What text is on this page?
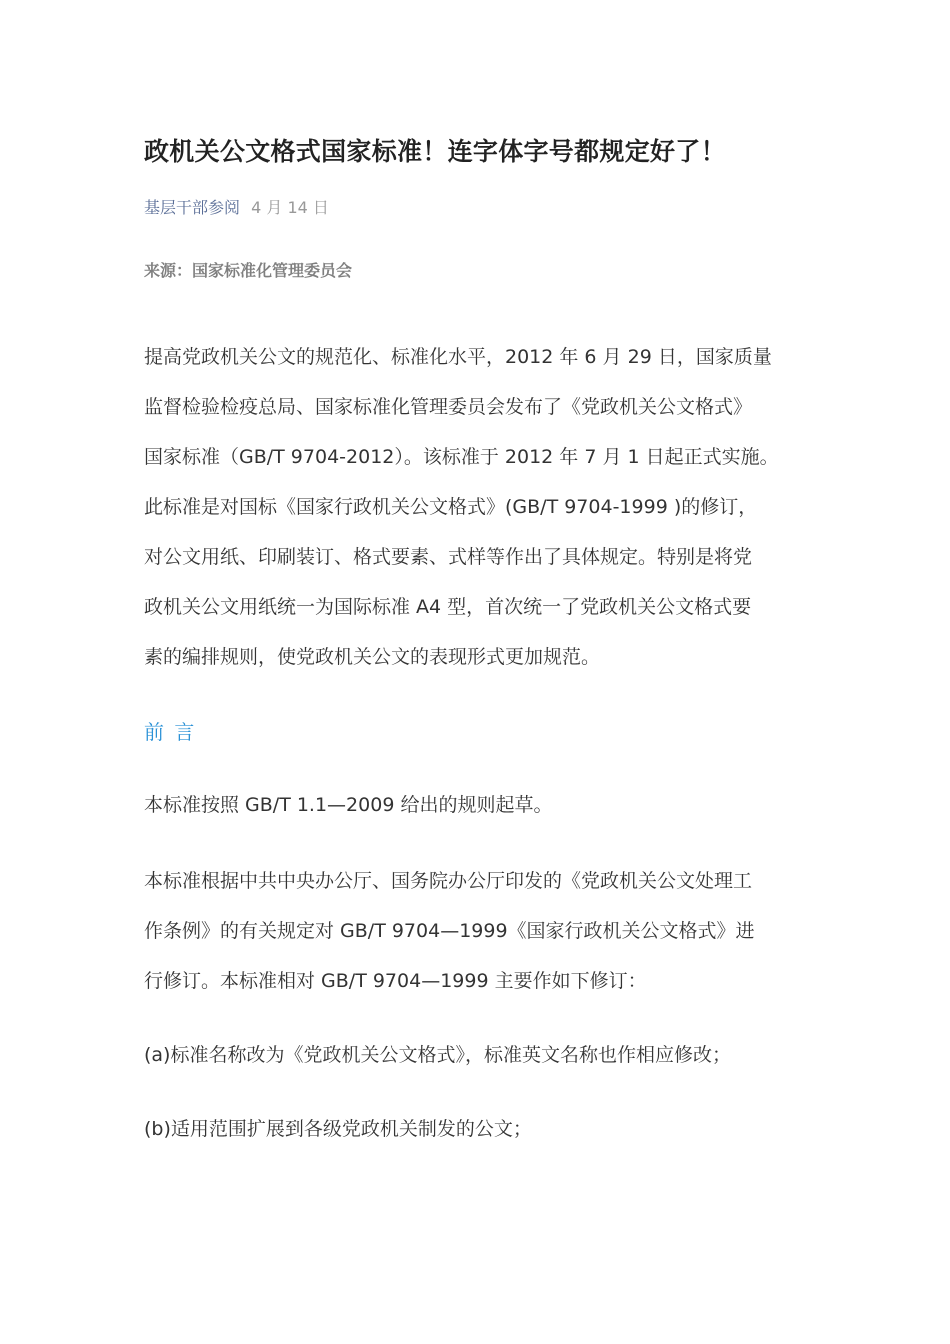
政机关公文格式国家标准！连字体字号都规定好了！
基层干部参阅 4 月 14 日
来源：国家标准化管理委员会
提高党政机关公文的规范化、标准化水平，2012 年 6 月 29 日，国家质量
监督检验检疫总局、国家标准化管理委员会发布了《党政机关公文格式》
国家标准（GB/T 9704-2012）。该标准于 2012 年 7 月 1 日起正式实施。
此标准是对国标《国家行政机关公文格式》(GB/T 9704-1999 )的修订，
对公文用纸、印刷装订、格式要素、式样等作出了具体规定。特别是将党
政机关公文用纸统一为国际标准 A4 型，首次统一了党政机关公文格式要
素的编排规则，使党政机关公文的表现形式更加规范。
前 言
本标准按照 GB/T 1.1—2009 给出的规则起草。
本标准根据中共中央办公厅、国务院办公厅印发的《党政机关公文处理工
作条例》的有关规定对 GB/T 9704—1999《国家行政机关公文格式》进
行修订。本标准相对 GB/T 9704—1999 主要作如下修订：
(a)标准名称改为《党政机关公文格式》，标准英文名称也作相应修改；
(b)适用范围扩展到各级党政机关制发的公文；
